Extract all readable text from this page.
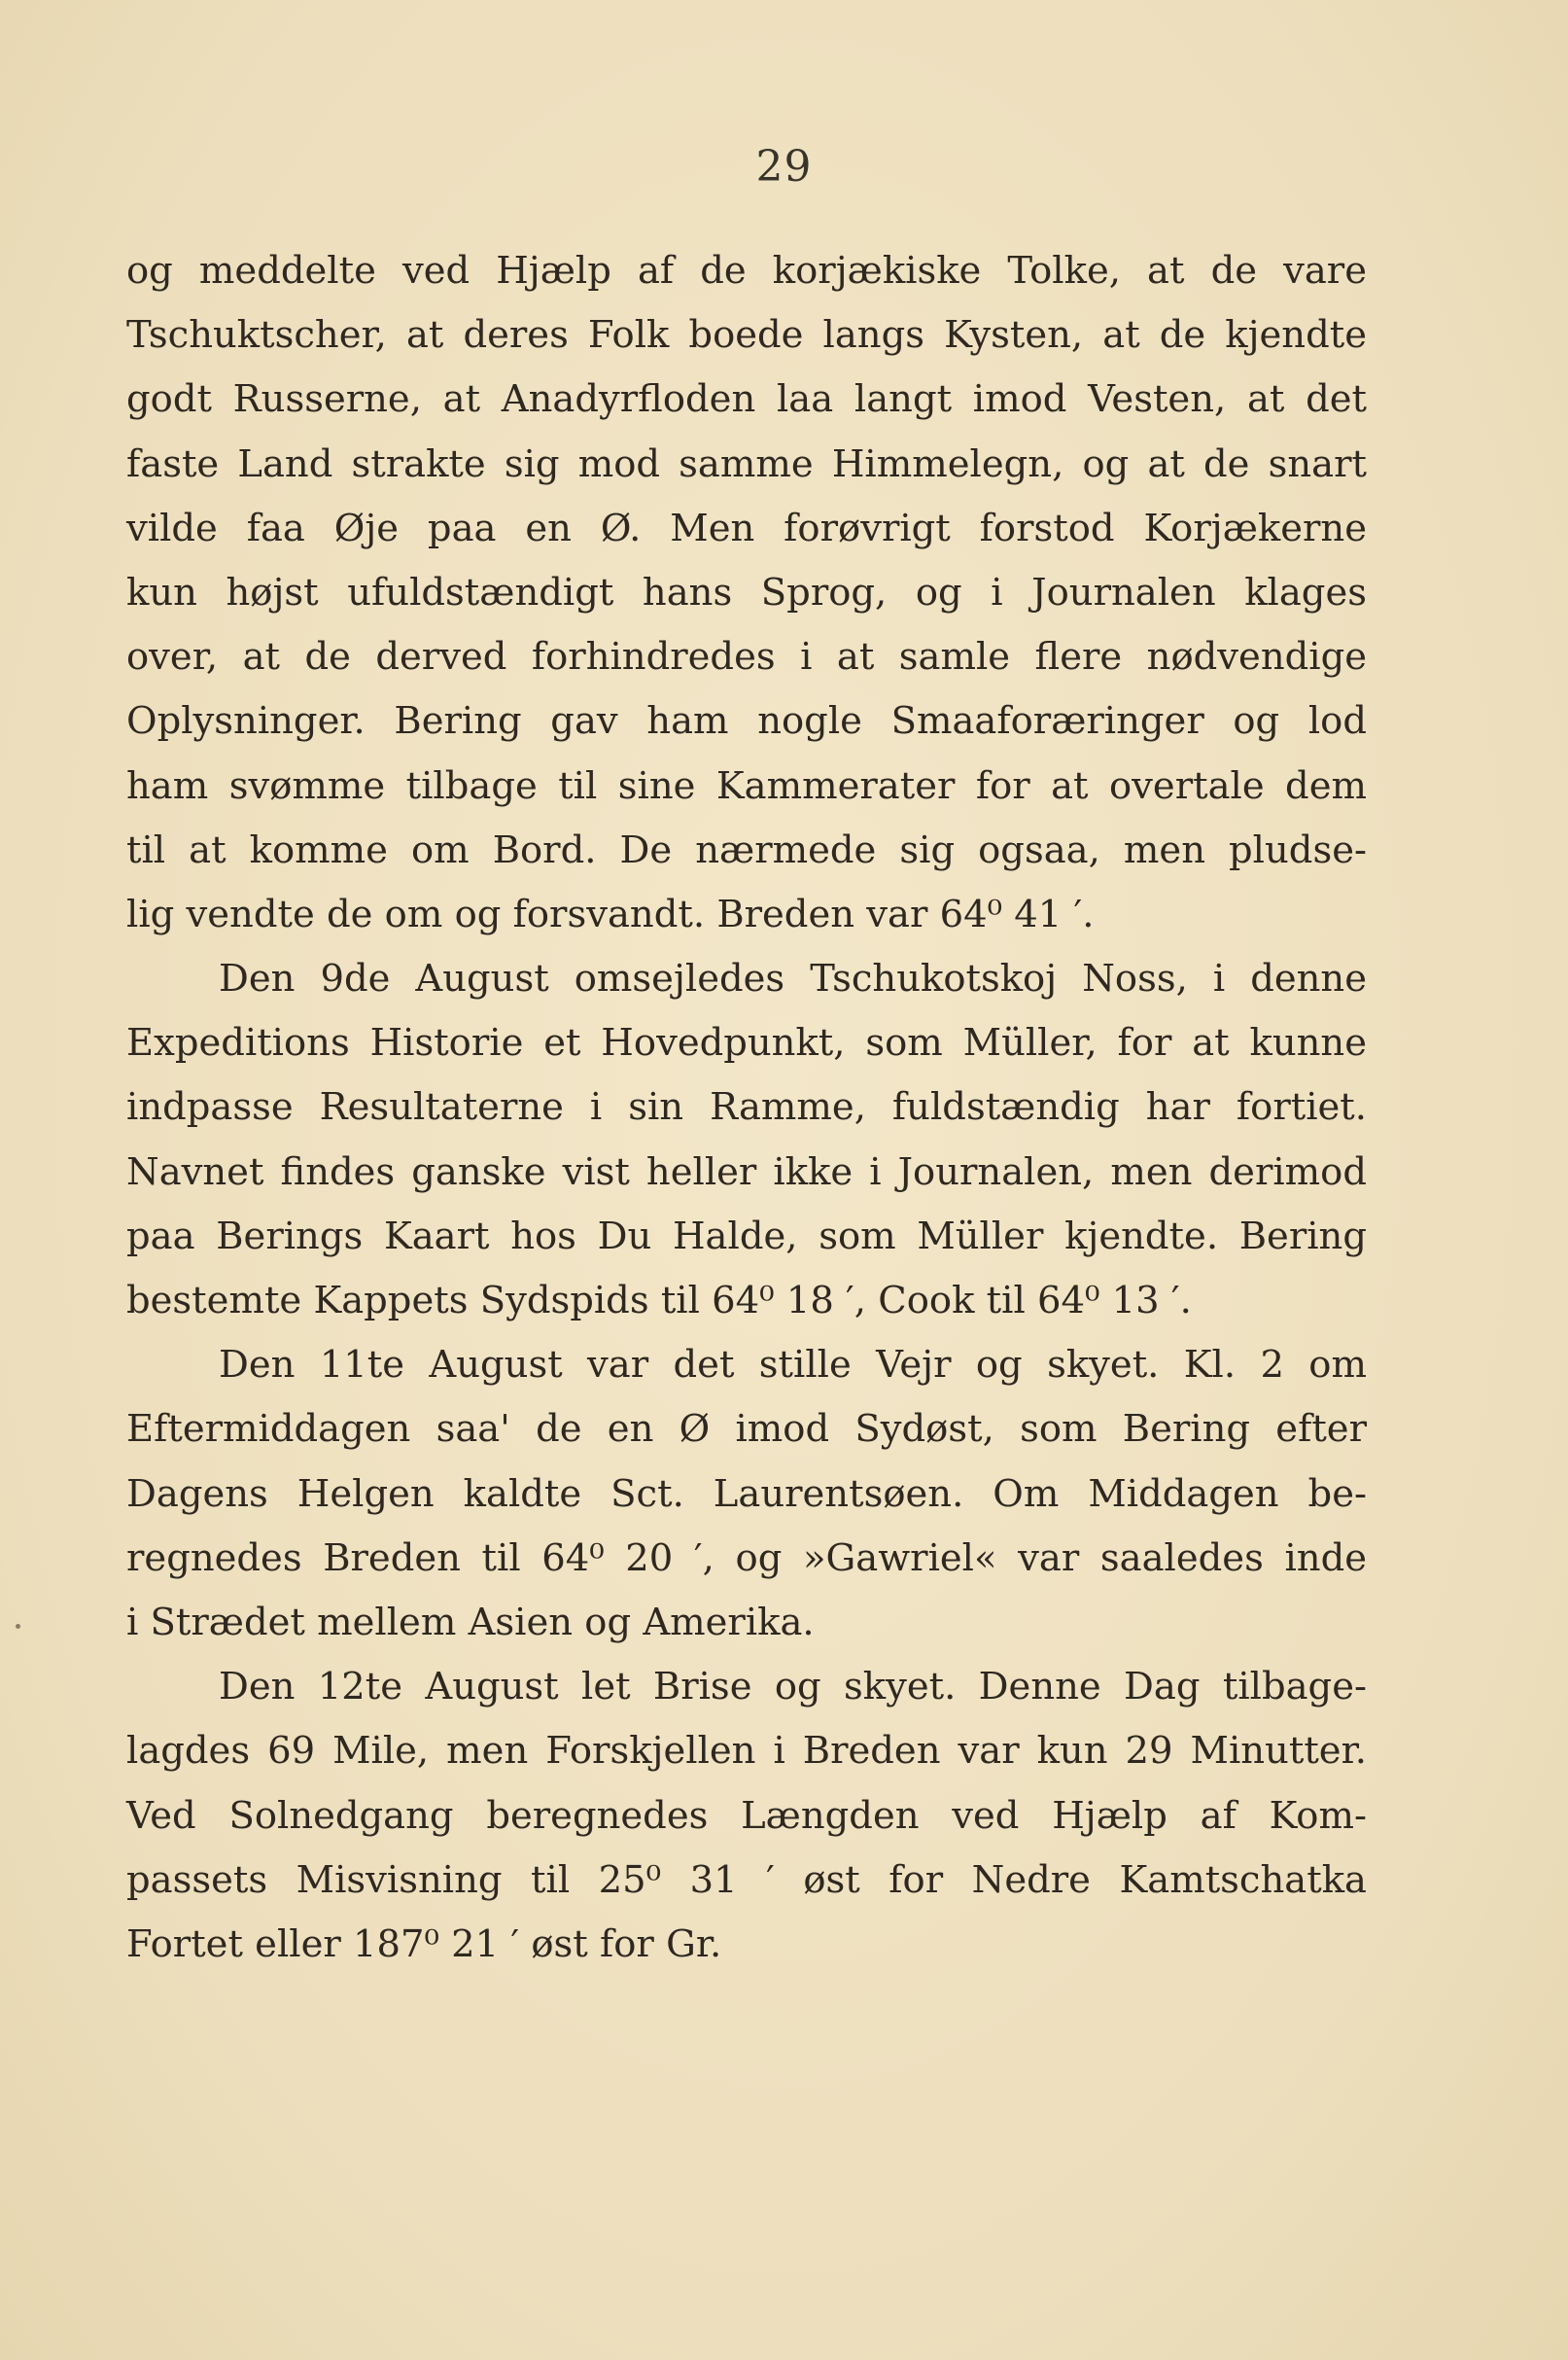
29
og meddelte ved Hjælp af de korjækiske Tolke, at de vare
Tschuktscher, at deres Folk boede langs Kysten, at de kjendte
godt Russerne, at Anadyrfloden laa langt imod Vesten, at det
faste Land strakte sig mod samme Himmelegn, og at de snart
vilde faa Øje paa en Ø. Men forøvrigt forstod Korjækerne
kun højst ufuldstændigt hans Sprog, og i Journalen klages
over, at de derved forhindredes i at samle flere nødvendige
Oplysninger. Bering gav ham nogle Smaaforæringer og lod
ham svømme tilbage til sine Kammerater for at overtale dem
til at komme om Bord. De nærmede sig ogsaa, men pludse-
lig vendte de om og forsvandt. Breden var 64⁰ 41 ′.
Den 9de August omsejledes Tschukotskoj Noss, i denne
Expeditions Historie et Hovedpunkt, som Müller, for at kunne
indpasse Resultaterne i sin Ramme, fuldstændig har fortiet.
Navnet findes ganske vist heller ikke i Journalen, men derimod
paa Berings Kaart hos Du Halde, som Müller kjendte. Bering
bestemte Kappets Sydspids til 64⁰ 18 ′, Cook til 64⁰ 13 ′.
Den 11te August var det stille Vejr og skyet. Kl. 2 om
Eftermiddagen saa' de en Ø imod Sydøst, som Bering efter
Dagens Helgen kaldte Sct. Laurentsøen. Om Middagen be-
regnedes Breden til 64⁰ 20 ′, og »Gawriel« var saaledes inde
i Strædet mellem Asien og Amerika.
Den 12te August let Brise og skyet. Denne Dag tilbage-
lagdes 69 Mile, men Forskjellen i Breden var kun 29 Minutter.
Ved Solnedgang beregnedes Længden ved Hjælp af Kom-
passets Misvisning til 25⁰ 31 ′ øst for Nedre Kamtschatka
Fortet eller 187⁰ 21 ′ øst for Gr.
